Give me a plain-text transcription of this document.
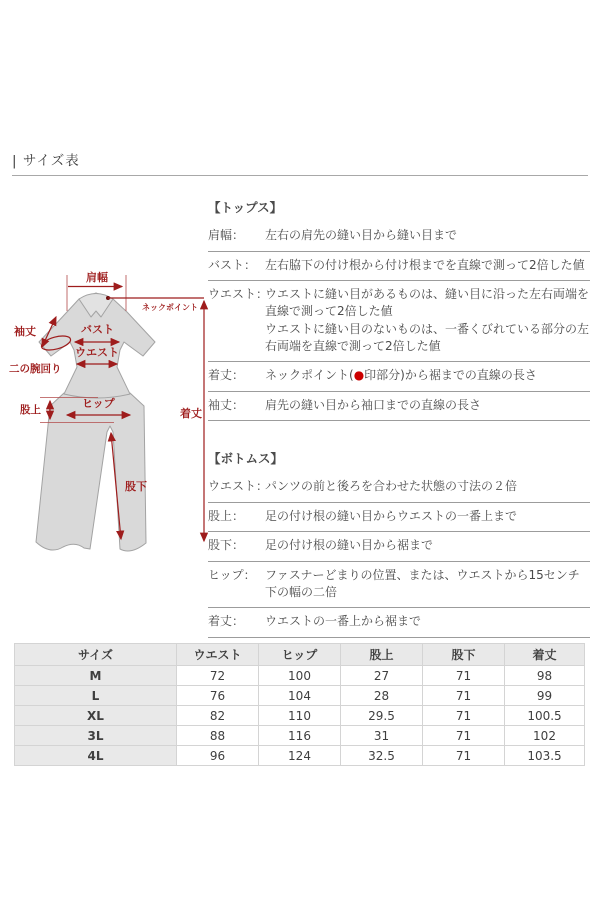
| サイズ表
肩幅
ネックポイント
着丈
袖丈	バスト
ウエスト
二の腕回り
股上	ヒップ
股下
【トップス】
肩幅：	左右の肩先の縫い目から縫い目まで
バスト： 左右脇下の付け根から付け根までを直線で測って2倍した値
ウエスト：
ウエストに縫い目があるものは、縫い目に沿った左右両端を直線で測って2倍した値
ウエストに縫い目のないものは、一番くびれている部分の左右両端を直線で測って2倍した値
着丈：	ネックポイント(●印部分)から裾までの直線の長さ
袖丈：	肩先の縫い目から袖口までの直線の長さ
【ボトムス】
ウエスト：
パンツの前と後ろを合わせた状態の寸法の２倍
股上：	足の付け根の縫い目からウエストの一番上まで
股下：	足の付け根の縫い目から裾まで
ヒップ： ファスナーどまりの位置、または、ウエストから15センチ下の幅の二倍
着丈：	ウエストの一番上から裾まで
サイズ	ウエスト	ヒップ	股上	股下	着丈
M	72	100	27	71	98
L	76	104	28	71	99
XL	82	110	29.5	71	100.5
3L	88	116	31	71	102
4L	96	124	32.5	71	103.5
